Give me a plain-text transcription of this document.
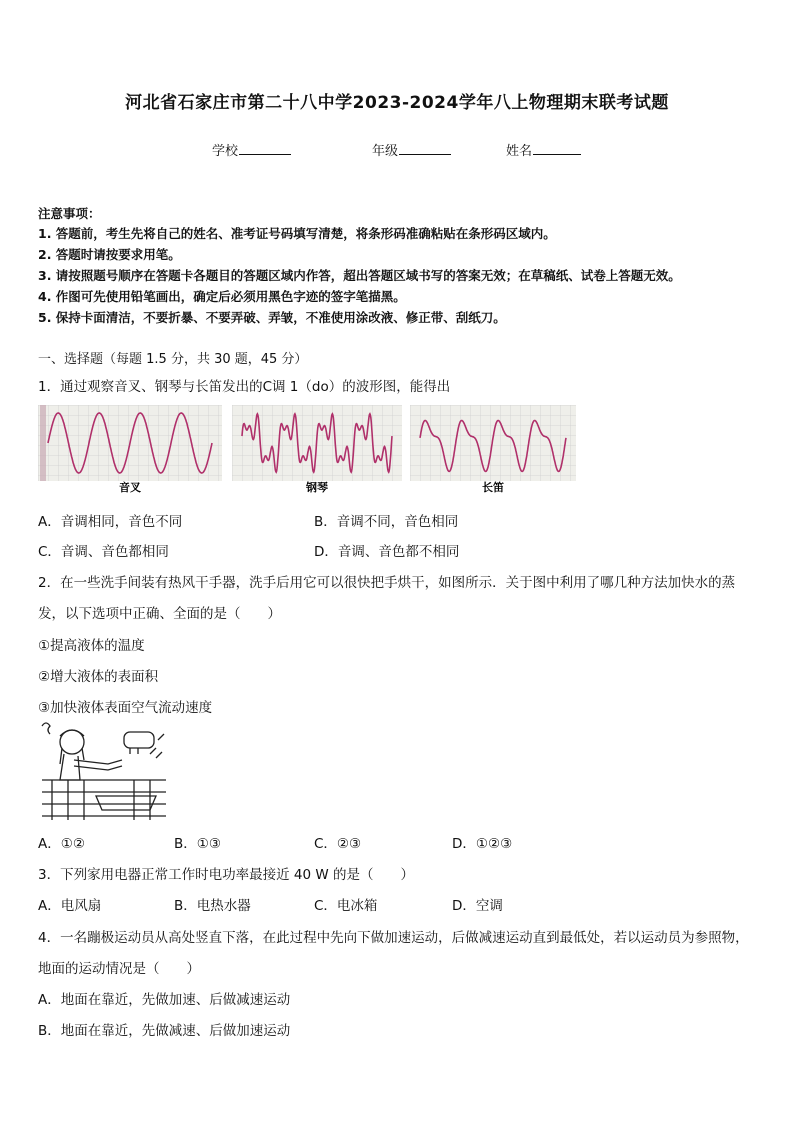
河北省石家庄市第二十八中学2023-2024学年八上物理期末联考试题
学校	年级	姓名
注意事项：
1. 答题前，考生先将自己的姓名、准考证号码填写清楚，将条形码准确粘贴在条形码区域内。
2. 答题时请按要求用笔。
3. 请按照题号顺序在答题卡各题目的答题区域内作答，超出答题区域书写的答案无效；在草稿纸、试卷上答题无效。
4. 作图可先使用铅笔画出，确定后必须用黑色字迹的签字笔描黑。
5. 保持卡面清洁，不要折暴、不要弄破、弄皱，不准使用涂改液、修正带、刮纸刀。
一、选择题（每题 1.5 分，共 30 题，45 分）
1．通过观察音叉、钢琴与长笛发出的C调 1（do）的波形图，能得出
音叉	钢琴	长笛
A．音调相同，音色不同	B．音调不同，音色相同
C．音调、音色都相同	D．音调、音色都不相同
2．在一些洗手间装有热风干手器，洗手后用它可以很快把手烘干，如图所示．关于图中利用了哪几种方法加快水的蒸
发，以下选项中正确、全面的是（　　）
①提高液体的温度
②增大液体的表面积
③加快液体表面空气流动速度
A．①②	B．①③	C．②③	D．①②③
3．下列家用电器正常工作时电功率最接近 40 W 的是（　　）
A．电风扇	B．电热水器	C．电冰箱	D．空调
4．一名蹦极运动员从高处竖直下落，在此过程中先向下做加速运动，后做减速运动直到最低处，若以运动员为参照物，
地面的运动情况是（　　）
A．地面在靠近，先做加速、后做减速运动
B．地面在靠近，先做减速、后做加速运动
